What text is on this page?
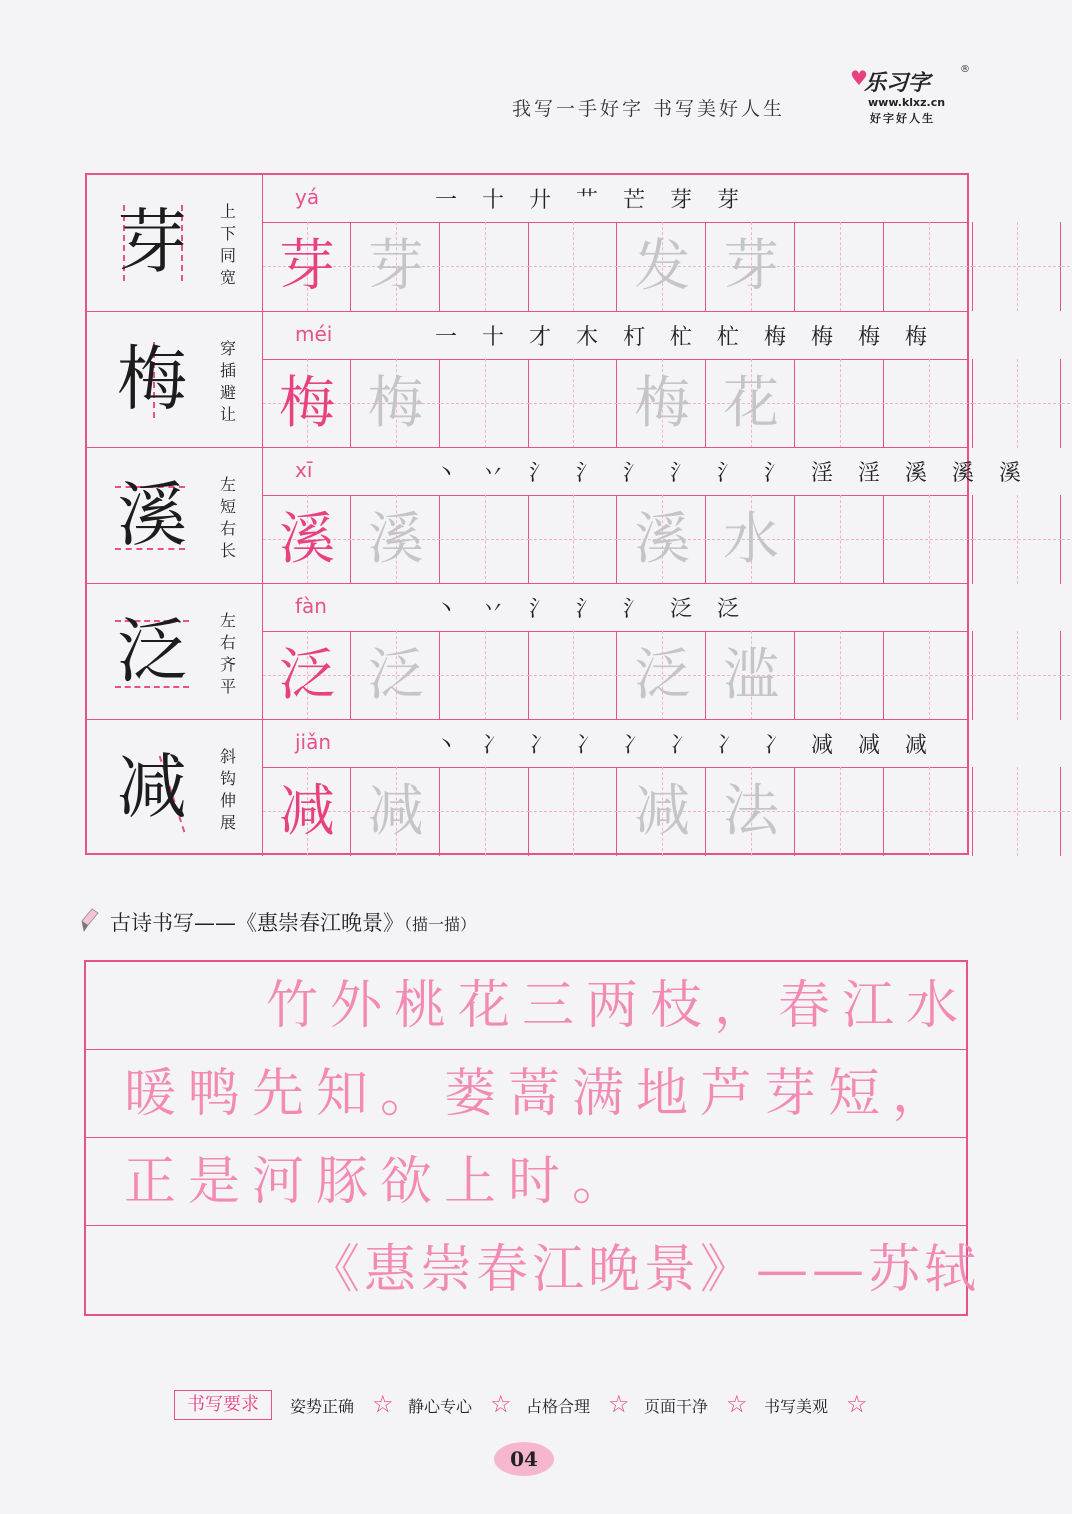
我写一手好字 书写美好人生
♥
乐习字
®
www.klxz.cn
好字好人生
芽 上
下
同
宽
yá	一 十 廾 艹 芒 芽 芽
芽 芽	发 芽
梅 穿
插
避
让
méi	一 十 才 木 朾 杧 杧 梅 梅 梅 梅
梅 梅	梅 花
溪 左
短
右
长
xī	丶 丷 氵 氵 氵 氵 氵 氵 淫 淫 溪 溪 溪
溪 溪	溪 水
泛 左
右
齐
平
fàn	丶 丷 氵 氵 氵 泛 泛
泛 泛	泛 滥
减 斜
钩
伸
展
jiǎn	丶 冫 冫 冫 冫 冫 冫 冫 减 减 减
减 减	减 法
古诗书写——《惠崇春江晚景》（描一描）
竹外桃花三两枝，春江水
暖鸭先知。蒌蒿满地芦芽短，
正是河豚欲上时。
《惠崇春江晚景》——苏轼
书写要求	姿势正确 ☆ 静心专心 ☆ 占格合理 ☆ 页面干净 ☆ 书写美观 ☆
04
